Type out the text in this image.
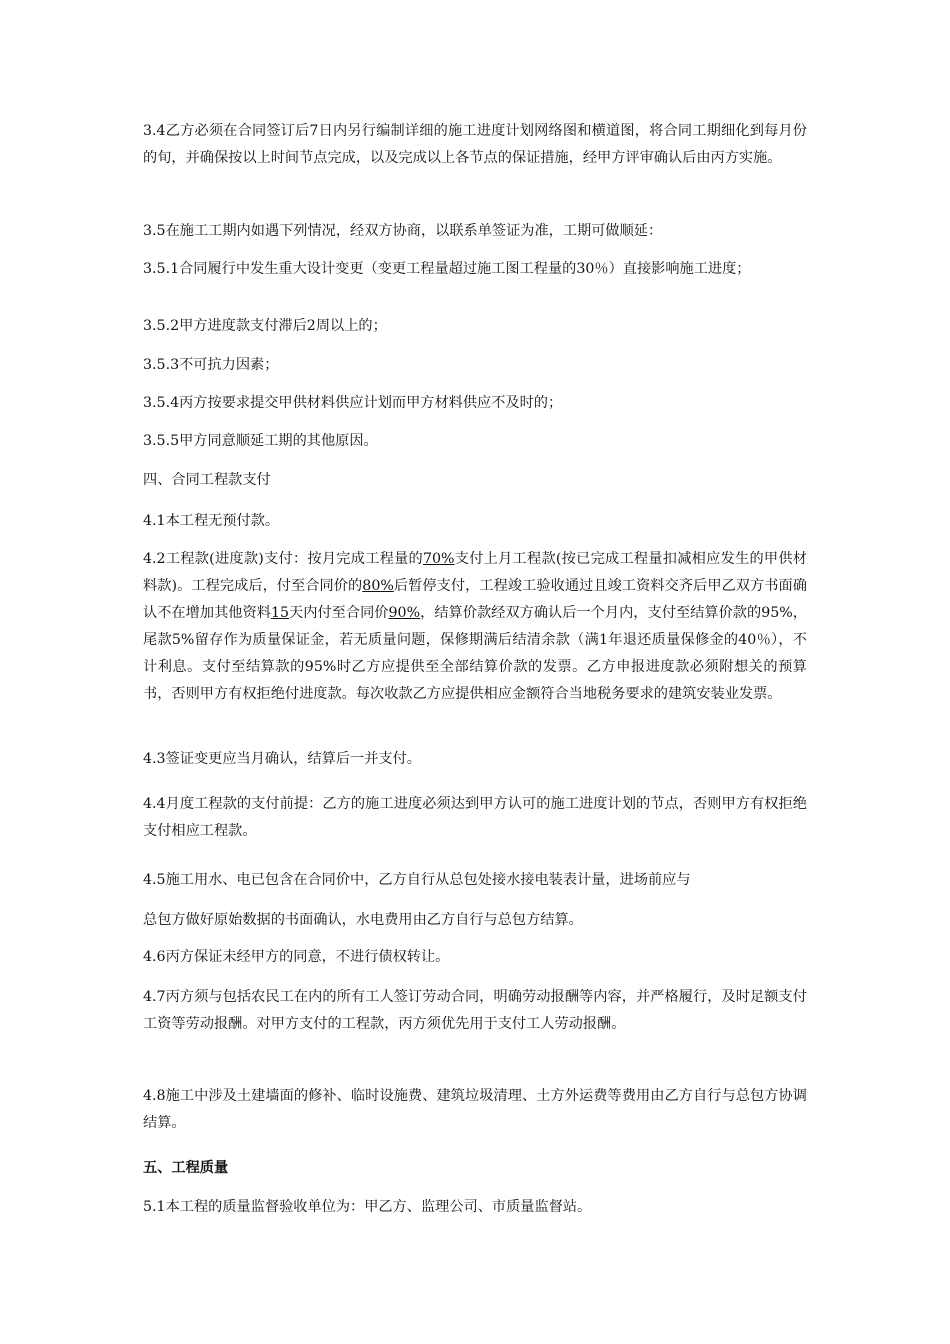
3.4乙方必须在合同签订后7日内另行编制详细的施工进度计划网络图和横道图，将合同工期细化到每月份的旬，并确保按以上时间节点完成，以及完成以上各节点的保证措施，经甲方评审确认后由丙方实施。

3.5在施工工期内如遇下列情况，经双方协商，以联系单签证为准，工期可做顺延：

3.5.1合同履行中发生重大设计变更（变更工程量超过施工图工程量的30％）直接影响施工进度；

3.5.2甲方进度款支付滞后2周以上的；

3.5.3不可抗力因素；

3.5.4丙方按要求提交甲供材料供应计划而甲方材料供应不及时的；

3.5.5甲方同意顺延工期的其他原因。

四、合同工程款支付

4.1本工程无预付款。

4.2工程款(进度款)支付：按月完成工程量的70%支付上月工程款(按已完成工程量扣减相应发生的甲供材料款)。工程完成后，付至合同价的80%后暂停支付，工程竣工验收通过且竣工资料交齐后甲乙双方书面确认不在增加其他资料15天内付至合同价90%，结算价款经双方确认后一个月内，支付至结算价款的95%，尾款5%留存作为质量保证金，若无质量问题，保修期满后结清余款（满1年退还质量保修金的40％），不计利息。支付至结算款的95%时乙方应提供至全部结算价款的发票。乙方申报进度款必须附想关的预算书，否则甲方有权拒绝付进度款。每次收款乙方应提供相应金额符合当地税务要求的建筑安装业发票。

4.3签证变更应当月确认，结算后一并支付。

4.4月度工程款的支付前提：乙方的施工进度必须达到甲方认可的施工进度计划的节点，否则甲方有权拒绝支付相应工程款。

4.5施工用水、电已包含在合同价中，乙方自行从总包处接水接电装表计量，进场前应与

总包方做好原始数据的书面确认，水电费用由乙方自行与总包方结算。

4.6丙方保证未经甲方的同意，不进行债权转让。

4.7丙方须与包括农民工在内的所有工人签订劳动合同，明确劳动报酬等内容，并严格履行，及时足额支付工资等劳动报酬。对甲方支付的工程款，丙方须优先用于支付工人劳动报酬。

4.8施工中涉及土建墙面的修补、临时设施费、建筑垃圾清理、土方外运费等费用由乙方自行与总包方协调结算。

五、工程质量

5.1本工程的质量监督验收单位为：甲乙方、监理公司、市质量监督站。
